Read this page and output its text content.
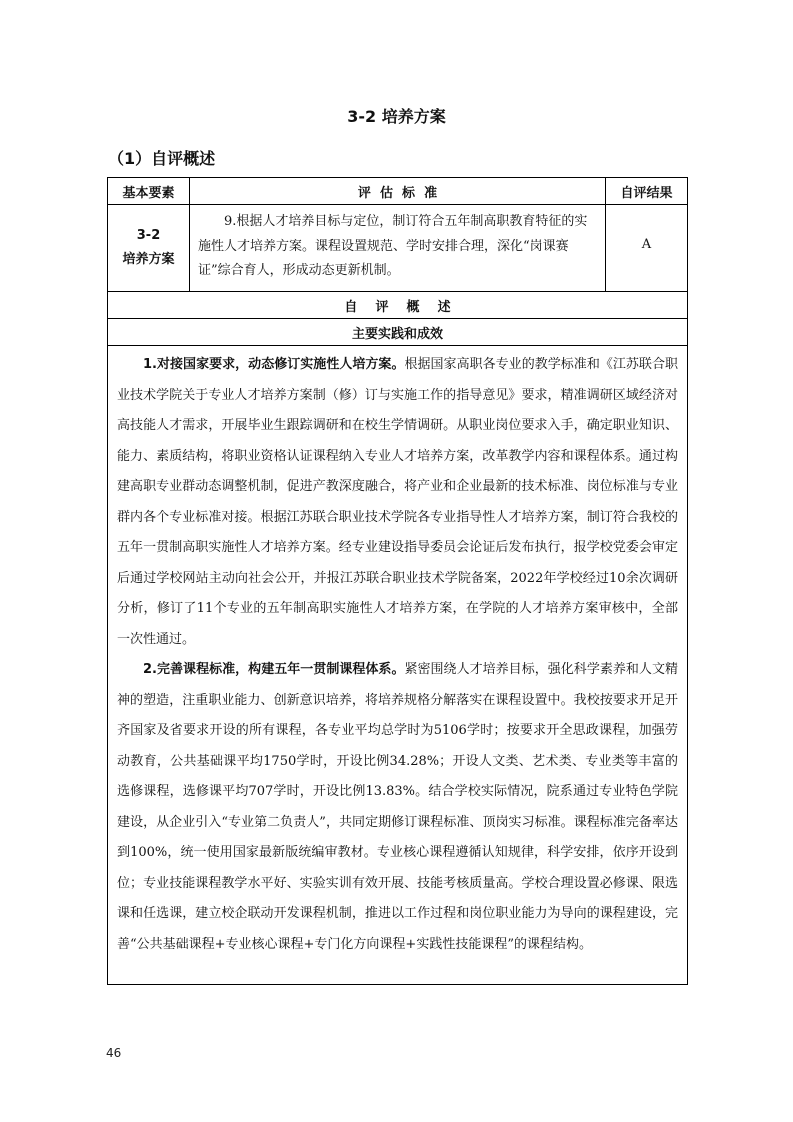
3-2 培养方案
（1）自评概述
基本要素	评  估  标  准	自评结果

3-2
培养方案	9.根据人才培养目标与定位，制订符合五年制高职教育特征的实施性人才培养方案。课程设置规范、学时安排合理，深化“岗课赛证”综合育人，形成动态更新机制。	A
自    评    概    述		
主要实践和成效		

1.对接国家要求，动态修订实施性人培方案。根据国家高职各专业的教学标准和《江苏联合职业技术学院关于专业人才培养方案制（修）订与实施工作的指导意见》要求，精准调研区域经济对高技能人才需求，开展毕业生跟踪调研和在校生学情调研。从职业岗位要求入手，确定职业知识、能力、素质结构，将职业资格认证课程纳入专业人才培养方案，改革教学内容和课程体系。通过构建高职专业群动态调整机制，促进产教深度融合，将产业和企业最新的技术标准、岗位标准与专业群内各个专业标准对接。根据江苏联合职业技术学院各专业指导性人才培养方案，制订符合我校的五年一贯制高职实施性人才培养方案。经专业建设指导委员会论证后发布执行，报学校党委会审定后通过学校网站主动向社会公开，并报江苏联合职业技术学院备案，2022年学校经过10余次调研分析，修订了11个专业的五年制高职实施性人才培养方案，在学院的人才培养方案审核中，全部一次性通过。

2.完善课程标准，构建五年一贯制课程体系。紧密围绕人才培养目标，强化科学素养和人文精神的塑造，注重职业能力、创新意识培养，将培养规格分解落实在课程设置中。我校按要求开足开齐国家及省要求开设的所有课程，各专业平均总学时为5106学时；按要求开全思政课程，加强劳动教育，公共基础课平均1750学时，开设比例34.28%；开设人文类、艺术类、专业类等丰富的选修课程，选修课平均707学时，开设比例13.83%。结合学校实际情况，院系通过专业特色学院建设，从企业引入“专业第二负责人”，共同定期修订课程标准、顶岗实习标准。课程标准完备率达到100%，统一使用国家最新版统编审教材。专业核心课程遵循认知规律，科学安排，依序开设到位；专业技能课程教学水平好、实验实训有效开展、技能考核质量高。学校合理设置必修课、限选课和任选课，建立校企联动开发课程机制，推进以工作过程和岗位职业能力为导向的课程建设，完善“公共基础课程+专业核心课程+专门化方向课程+实践性技能课程”的课程结构。		

46
